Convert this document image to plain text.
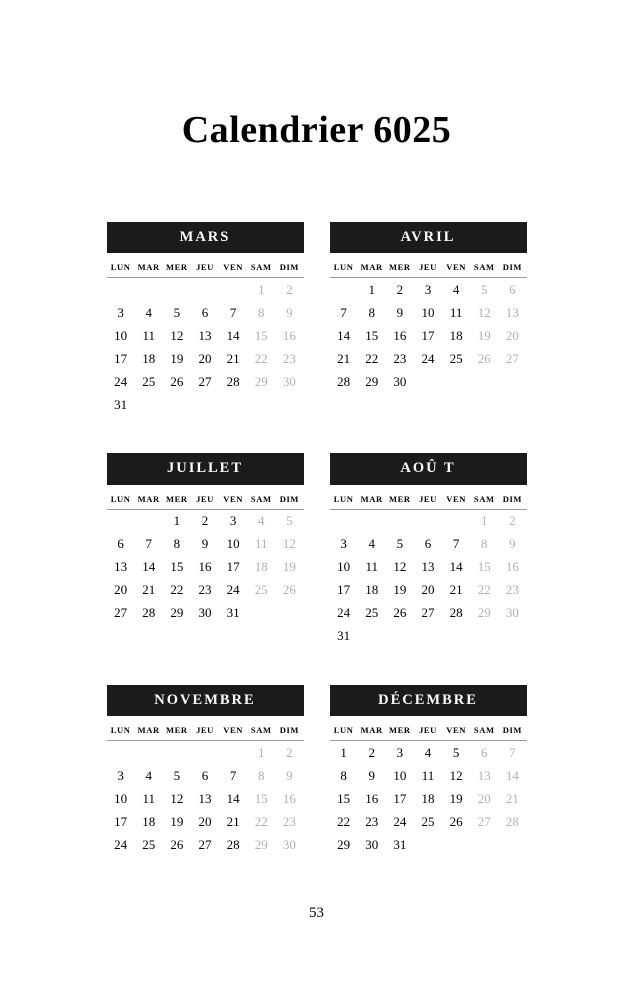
Calendrier 6025
MARS
LUN	MAR	MER	JEU	VEN	SAM	DIM
					1	2
3	4	5	6	7	8	9
10	11	12	13	14	15	16
17	18	19	20	21	22	23
24	25	26	27	28	29	30
31						
AVRIL
LUN	MAR	MER	JEU	VEN	SAM	DIM
	1	2	3	4	5	6
7	8	9	10	11	12	13
14	15	16	17	18	19	20
21	22	23	24	25	26	27
28	29	30				
JUILLET
LUN	MAR	MER	JEU	VEN	SAM	DIM
		1	2	3	4	5
6	7	8	9	10	11	12
13	14	15	16	17	18	19
20	21	22	23	24	25	26
27	28	29	30	31		
AOÛ T
LUN	MAR	MER	JEU	VEN	SAM	DIM
					1	2
3	4	5	6	7	8	9
10	11	12	13	14	15	16
17	18	19	20	21	22	23
24	25	26	27	28	29	30
31						
NOVEMBRE
LUN	MAR	MER	JEU	VEN	SAM	DIM
					1	2
3	4	5	6	7	8	9
10	11	12	13	14	15	16
17	18	19	20	21	22	23
24	25	26	27	28	29	30
DÉCEMBRE
LUN	MAR	MER	JEU	VEN	SAM	DIM
1	2	3	4	5	6	7
8	9	10	11	12	13	14
15	16	17	18	19	20	21
22	23	24	25	26	27	28
29	30	31				
53
